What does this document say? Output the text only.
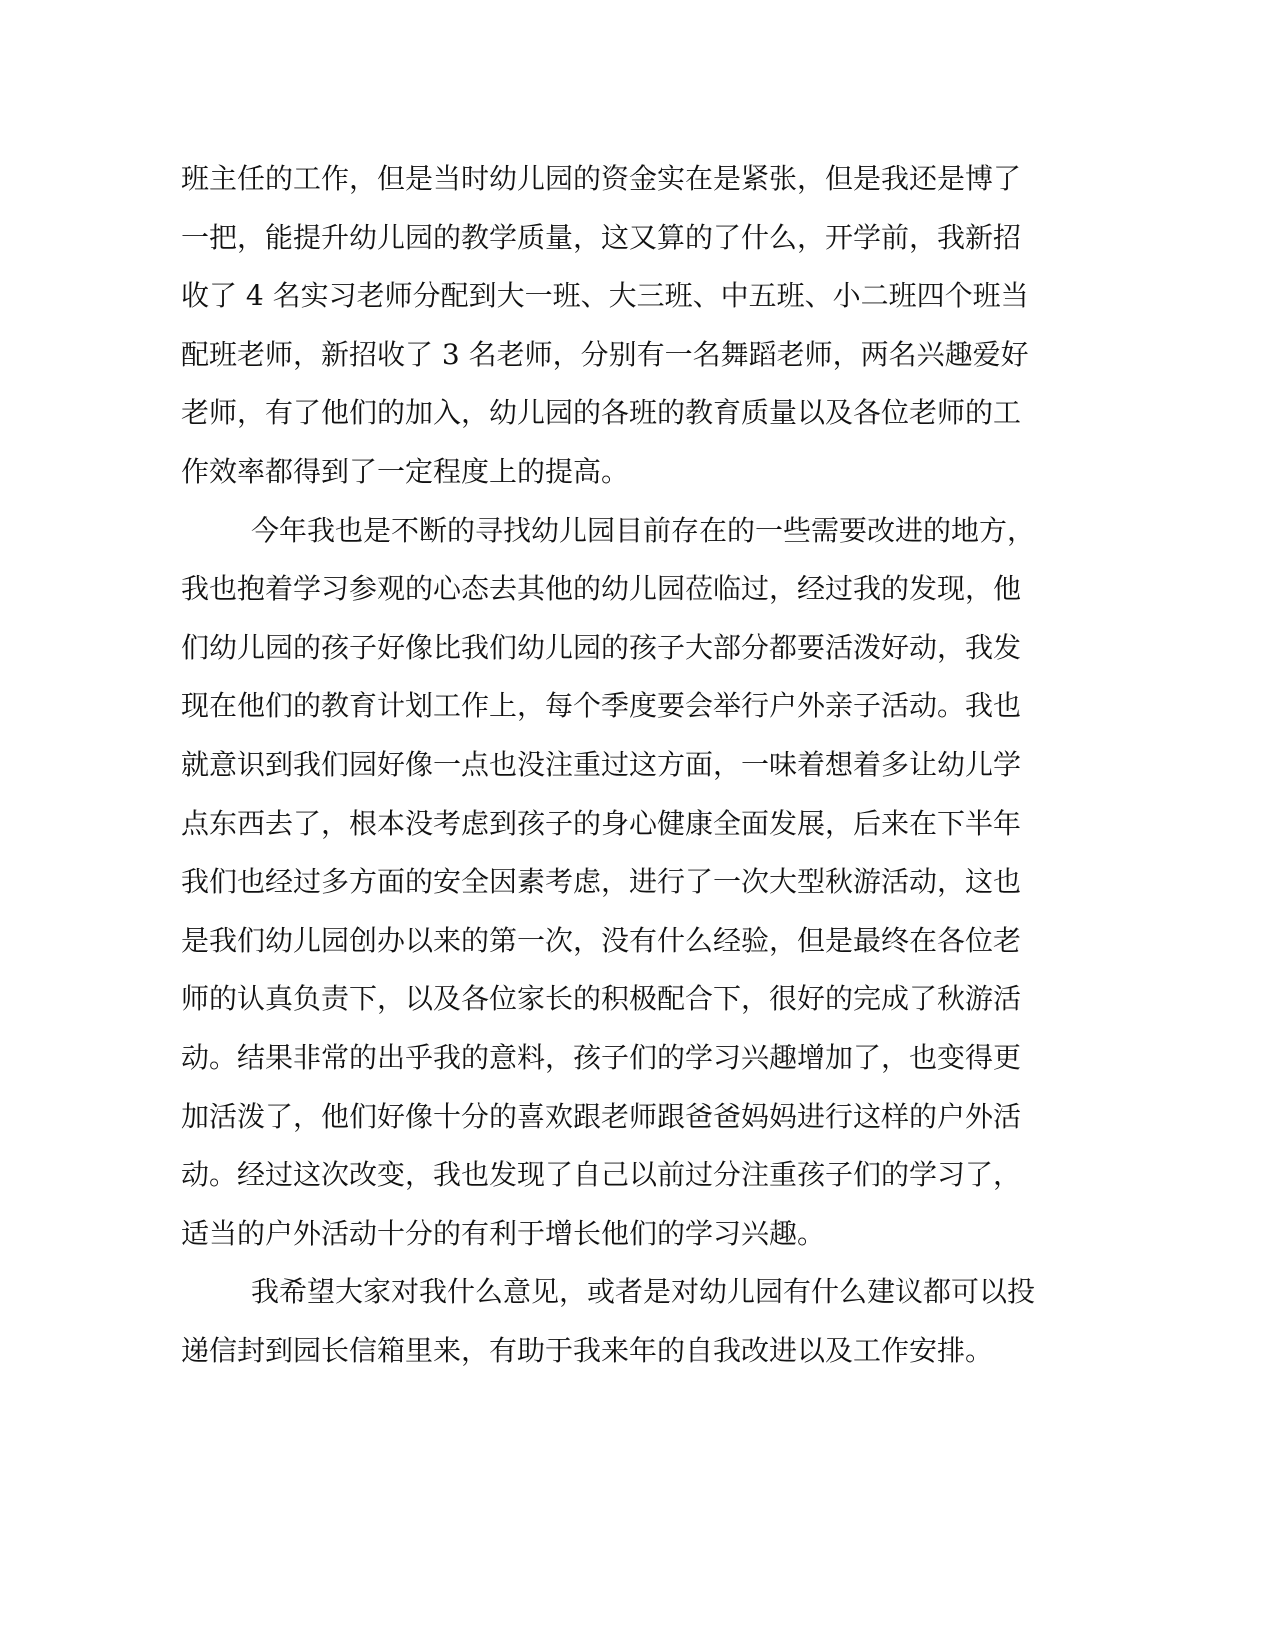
班主任的工作，但是当时幼儿园的资金实在是紧张，但是我还是博了
一把，能提升幼儿园的教学质量，这又算的了什么，开学前，我新招
收了 4 名实习老师分配到大一班、大三班、中五班、小二班四个班当
配班老师，新招收了 3 名老师，分别有一名舞蹈老师，两名兴趣爱好
老师，有了他们的加入，幼儿园的各班的教育质量以及各位老师的工
作效率都得到了一定程度上的提高。
今年我也是不断的寻找幼儿园目前存在的一些需要改进的地方，
我也抱着学习参观的心态去其他的幼儿园莅临过，经过我的发现，他
们幼儿园的孩子好像比我们幼儿园的孩子大部分都要活泼好动，我发
现在他们的教育计划工作上，每个季度要会举行户外亲子活动。我也
就意识到我们园好像一点也没注重过这方面，一味着想着多让幼儿学
点东西去了，根本没考虑到孩子的身心健康全面发展，后来在下半年
我们也经过多方面的安全因素考虑，进行了一次大型秋游活动，这也
是我们幼儿园创办以来的第一次，没有什么经验，但是最终在各位老
师的认真负责下，以及各位家长的积极配合下，很好的完成了秋游活
动。结果非常的出乎我的意料，孩子们的学习兴趣增加了，也变得更
加活泼了，他们好像十分的喜欢跟老师跟爸爸妈妈进行这样的户外活
动。经过这次改变，我也发现了自己以前过分注重孩子们的学习了，
适当的户外活动十分的有利于增长他们的学习兴趣。
我希望大家对我什么意见，或者是对幼儿园有什么建议都可以投
递信封到园长信箱里来，有助于我来年的自我改进以及工作安排。
